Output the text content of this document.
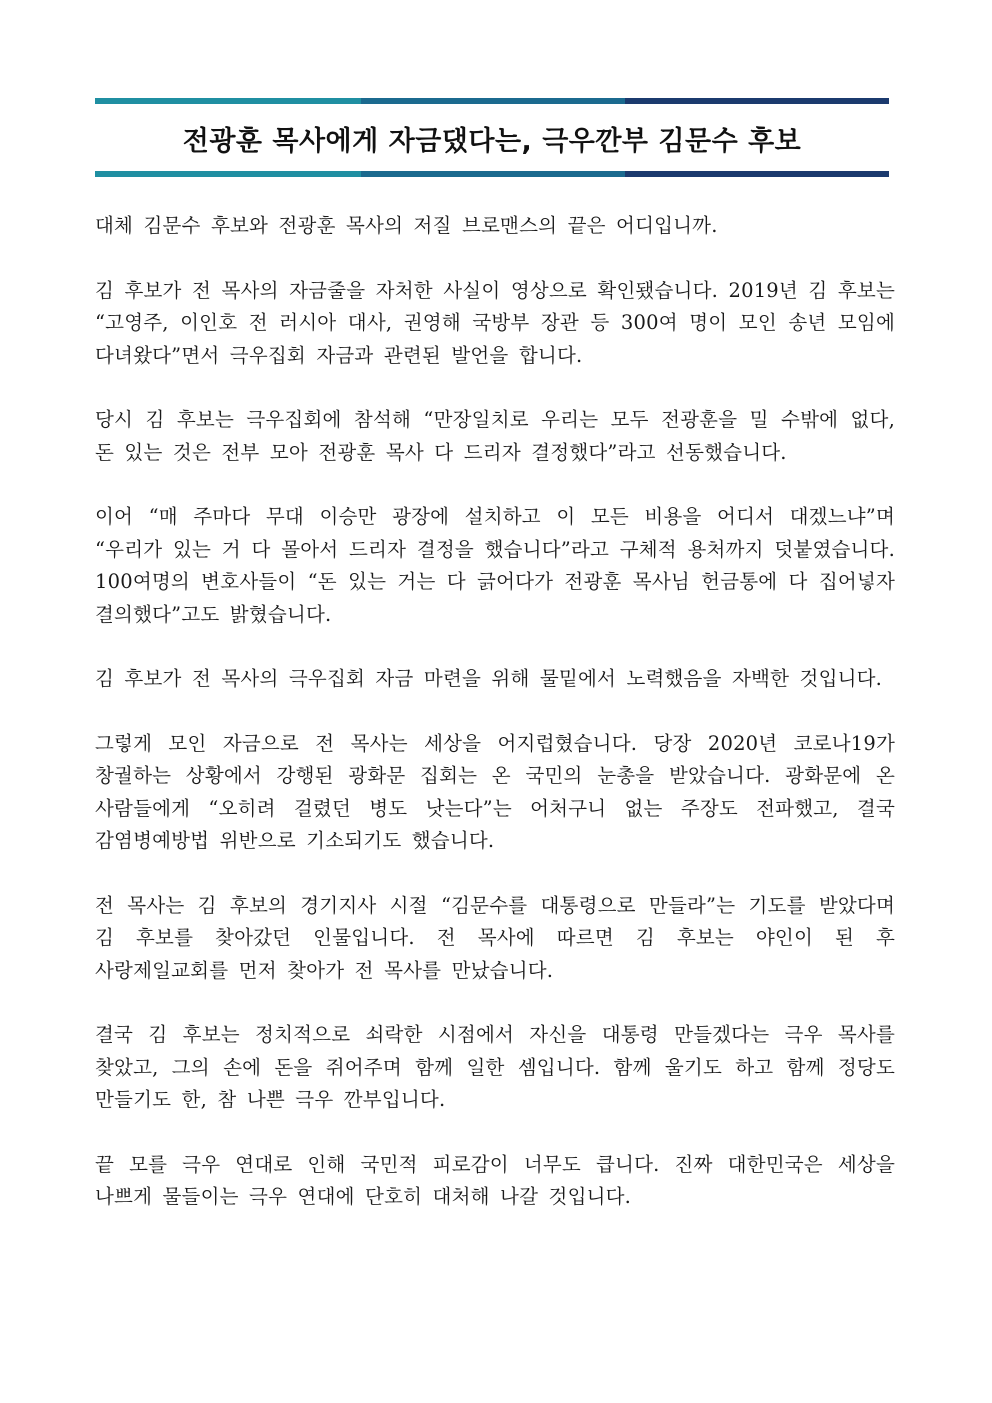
전광훈 목사에게 자금댔다는, 극우깐부 김문수 후보

대체 김문수 후보와 전광훈 목사의 저질 브로맨스의 끝은 어디입니까.

김 후보가 전 목사의 자금줄을 자처한 사실이 영상으로 확인됐습니다. 2019년 김 후보는 “고영주, 이인호 전 러시아 대사, 권영해 국방부 장관 등 300여 명이 모인 송년 모임에 다녀왔다”면서 극우집회 자금과 관련된 발언을 합니다.

당시 김 후보는 극우집회에 참석해 “만장일치로 우리는 모두 전광훈을 밀 수밖에 없다, 돈 있는 것은 전부 모아 전광훈 목사 다 드리자 결정했다”라고 선동했습니다.

이어 “매 주마다 무대 이승만 광장에 설치하고 이 모든 비용을 어디서 대겠느냐”며 “우리가 있는 거 다 몰아서 드리자 결정을 했습니다”라고 구체적 용처까지 덧붙였습니다. 100여명의 변호사들이 “돈 있는 거는 다 긁어다가 전광훈 목사님 헌금통에 다 집어넣자 결의했다”고도 밝혔습니다.

김 후보가 전 목사의 극우집회 자금 마련을 위해 물밑에서 노력했음을 자백한 것입니다.

그렇게 모인 자금으로 전 목사는 세상을 어지럽혔습니다. 당장 2020년 코로나19가 창궐하는 상황에서 강행된 광화문 집회는 온 국민의 눈총을 받았습니다. 광화문에 온 사람들에게 “오히려 걸렸던 병도 낫는다”는 어처구니 없는 주장도 전파했고, 결국 감염병예방법 위반으로 기소되기도 했습니다.

전 목사는 김 후보의 경기지사 시절 “김문수를 대통령으로 만들라”는 기도를 받았다며 김 후보를 찾아갔던 인물입니다. 전 목사에 따르면 김 후보는 야인이 된 후 사랑제일교회를 먼저 찾아가 전 목사를 만났습니다.

결국 김 후보는 정치적으로 쇠락한 시점에서 자신을 대통령 만들겠다는 극우 목사를 찾았고, 그의 손에 돈을 쥐어주며 함께 일한 셈입니다. 함께 울기도 하고 함께 정당도 만들기도 한, 참 나쁜 극우 깐부입니다.

끝 모를 극우 연대로 인해 국민적 피로감이 너무도 큽니다. 진짜 대한민국은 세상을 나쁘게 물들이는 극우 연대에 단호히 대처해 나갈 것입니다.
